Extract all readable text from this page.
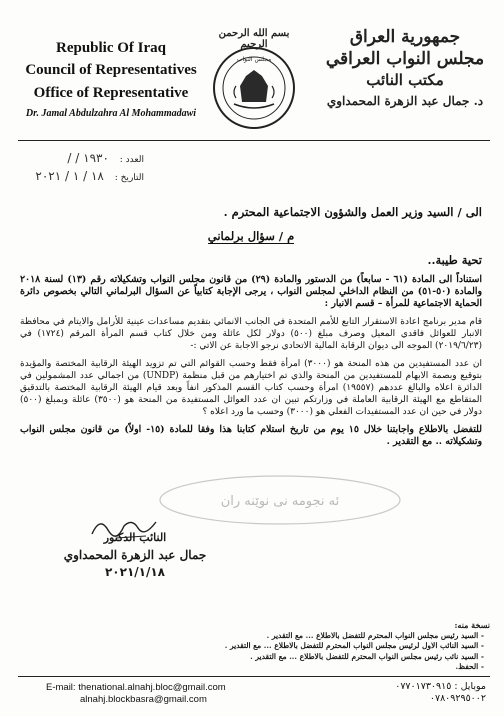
Republic Of Iraq
Council of Representatives
Office of Representative
Dr. Jamal Abdulzahra Al Mohammadawi
بسم الله الرحمن الرحيم
مجلس النواب
جمهورية العراق
مجلس النواب العراقي
مكتب النائب
د. جمال عبد الزهرة المحمداوي
العدد : ١٩٣٠ / /
التاريخ : ١٨ / ١ / ٢٠٢١
الى / السيد وزير العمل والشؤون الاجتماعية المحترم .
م / سؤال برلماني
تحية طيبة..
استناداً الى المادة (٦١ - سابعاً) من الدستور والمادة (٢٩) من قانون مجلس النواب وتشكيلاته رقم (١٣) لسنة ٢٠١٨ والمادة (٥٠-٥١) من النظام الداخلي لمجلس النواب ، يرجى الإجابة كتابياً عن السؤال البرلماني التالي بخصوص دائرة الحماية الاجتماعية للمرأة – قسم الانبار :
قام مدير برنامج اعادة الاستقرار التابع للأمم المتحدة في الجانب الانمائي بتقديم مساعدات عينية للأرامل والايتام في محافظة الانبار للعوائل فاقدي المعيل وصرف مبلغ (٥٠٠) دولار لكل عائلة ومن خلال كتاب قسم المرأة المرقم (١٧٢٤) في (٢٠١٩/٦/٢٣) الموجه الى ديوان الرقابة المالية الاتحادي نرجو الاجابة عن الاتي :-
ان عدد المستفيدين من هذه المنحة هو (٣٠٠٠) امرأة فقط وحسب القوائم التي تم تزويد الهيئة الرقابية المختصة والمؤيدة بتوقيع وبصمة الابهام للمستفيدين من المنحة والذي تم اختيارهم من قبل منظمة (UNDP) من اجمالي عدد المشمولين في الدائرة اعلاه والبالغ عددهم (١٩٥٥٧) امرأة وحسب كتاب القسم المذكور انفاً وبعد قيام الهيئة الرقابية المختصة بالتدقيق المتقاطع مع الهيئة الرقابية العاملة في وزارتكم تبين ان عدد العوائل المستفيدة من المنحة هو (٣٥٠٠) عائلة وبمبلغ (٥٠٠) دولار في حين ان عدد المستفيدات الفعلي هو (٣٠٠٠) وحسب ما ورد اعلاه ؟
للتفضل بالاطلاع واجابتنا خلال ١٥ يوم من تاريخ استلام كتابنا هذا وفقا للمادة (١٥- اولاً) من قانون مجلس النواب وتشكيلاته .. مع التقدير .
ئه نجومه نی نوێنه ران
النائب الدكتور
جمال عبد الزهرة المحمداوي
٢٠٢١/١/١٨
نسخة منه:
- السيد رئيس مجلس النواب المحترم للتفضل بالاطلاع ... مع التقدير .
- السيد النائب الاول لرئيس مجلس النواب المحترم للتفضل بالاطلاع ... مع التقدير .
- السيد نائب رئيس مجلس النواب المحترم للتفضل بالاطلاع ... مع التقدير .
- الحفظ.
E-mail: thenational.alnahj.bloc@gmail.com
alnahj.blockbasra@gmail.com
موبايل : ٠٧٧٠١٧٣٠٩١٥
٠٧٨٠٩٢٩٥٠٠٢
